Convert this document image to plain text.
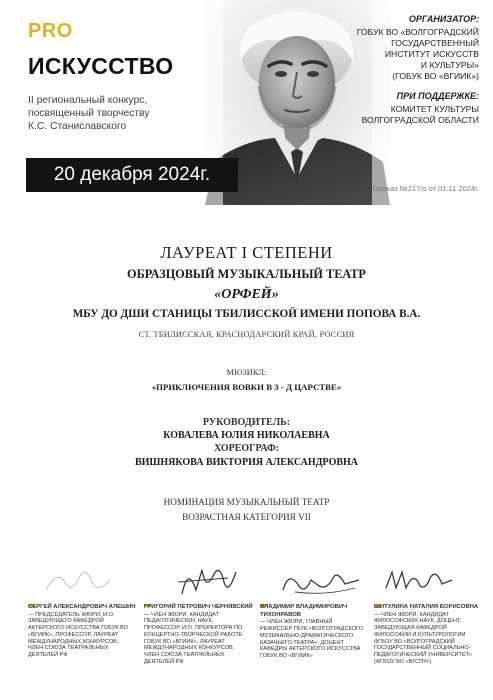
PRO
ИСКУССТВО
II региональный конкурс,
посвященный творчеству
К.С. Станиславского
20 декабря 2024г.
ОРГАНИЗАТОР:
ГОБУК ВО «ВОЛГОГРАДСКИЙ
ГОСУДАРСТВЕННЫЙ
ИНСТИТУТ ИСКУССТВ
И КУЛЬТУРЫ»
(ГОБУК ВО «ВГИИК»)
ПРИ ПОДДЕРЖКЕ:
КОМИТЕТ КУЛЬТУРЫ
ВОЛГОГРАДСКОЙ ОБЛАСТИ
Приказ №217/о от 01.11.2024г.
ЛАУРЕАТ I СТЕПЕНИ
ОБРАЗЦОВЫЙ МУЗЫКАЛЬНЫЙ ТЕАТР
«ОРФЕЙ»
МБУ ДО ДШИ СТАНИЦЫ ТБИЛИССКОЙ ИМЕНИ ПОПОВА В.А.
СТ. ТБИЛИССКАЯ, КРАСНОДАРСКИЙ КРАЙ, РОССИЯ
МЮЗИКЛ:
«ПРИКЛЮЧЕНИЯ ВОВКИ В 3 - Д ЦАРСТВЕ»
РУКОВОДИТЕЛЬ:
КОВАЛЕВА ЮЛИЯ НИКОЛАЕВНА
ХОРЕОГРАФ:
ВИШНЯКОВА ВИКТОРИЯ АЛЕКСАНДРОВНА
НОМИНАЦИЯ МУЗЫКАЛЬНЫЙ ТЕАТР
ВОЗРАСТНАЯ КАТЕГОРИЯ VII
СЕРГЕЙ АЛЕКСАНДРОВИЧ АЛЕШИН
— ПРЕДСЕДАТЕЛЬ ЖЮРИ, И.О.
ЗАВЕДУЮЩЕГО КАФЕДРОЙ
АКТЕРСКОГО ИСКУССТВА ГОБУК ВО
«ВГИИК», ПРОФЕССОР, ЛАУРЕАТ
МЕЖДУНАРОДНЫХ КОНКУРСОВ,
ЧЛЕН СОЮЗА ТЕАТРАЛЬНЫХ
ДЕЯТЕЛЕЙ РФ
ГРИГОРИЙ ПЕТРОВИЧ ЧЕРНЯВСКИЙ
— ЧЛЕН ЖЮРИ, КАНДИДАТ
ПЕДАГОГИЧЕСКИХ НАУК,
ПРОФЕССОР, И.О. ПРОРЕКТОРА ПО
КОНЦЕРТНО-ТВОРЧЕСКОЙ РАБОТЕ
ГОБУК ВО «ВГИИК», ЛАУРЕАТ
МЕЖДУНАРОДНЫХ КОНКУРСОВ,
ЧЛЕН СОЮЗА ТЕАТРАЛЬНЫХ
ДЕЯТЕЛЕЙ РФ
ВЛАДИМИР ВЛАДИМИРОВИЧ
ТИХОНРАВОВ
— ЧЛЕН ЖЮРИ, ГЛАВНЫЙ
РЕЖИССЕР ГБУК «ВОЛГОГРАДСКОГО
МУЗЫКАЛЬНО-ДРАМАТИЧЕСКОГО
КАЗАЧЬЕГО ТЕАТРА», ДОЦЕНТ
КАФЕДРЫ АКТЕРСКОГО ИСКУССТВА
ГОБУК ВО «ВГИИК»
ШИТУЛИНА НАТАЛИЯ БОРИСОВНА
— ЧЛЕН ЖЮРИ, КАНДИДАТ
ФИЛОСОФСКИХ НАУК, ДОЦЕНТ,
ЗАВЕДУЮЩАЯ КАФЕДРОЙ
ФИЛОСОФИИ И КУЛЬТУРОЛОГИИ
ФГБОУ ВО «ВОЛГОГРАДСКИЙ
ГОСУДАРСТВЕННЫЙ СОЦИАЛЬНО-
ПЕДАГОГИЧЕСКИЙ УНИВЕРСИТЕТ»
(ФГБОУ ВО «ВГСПУ»)
